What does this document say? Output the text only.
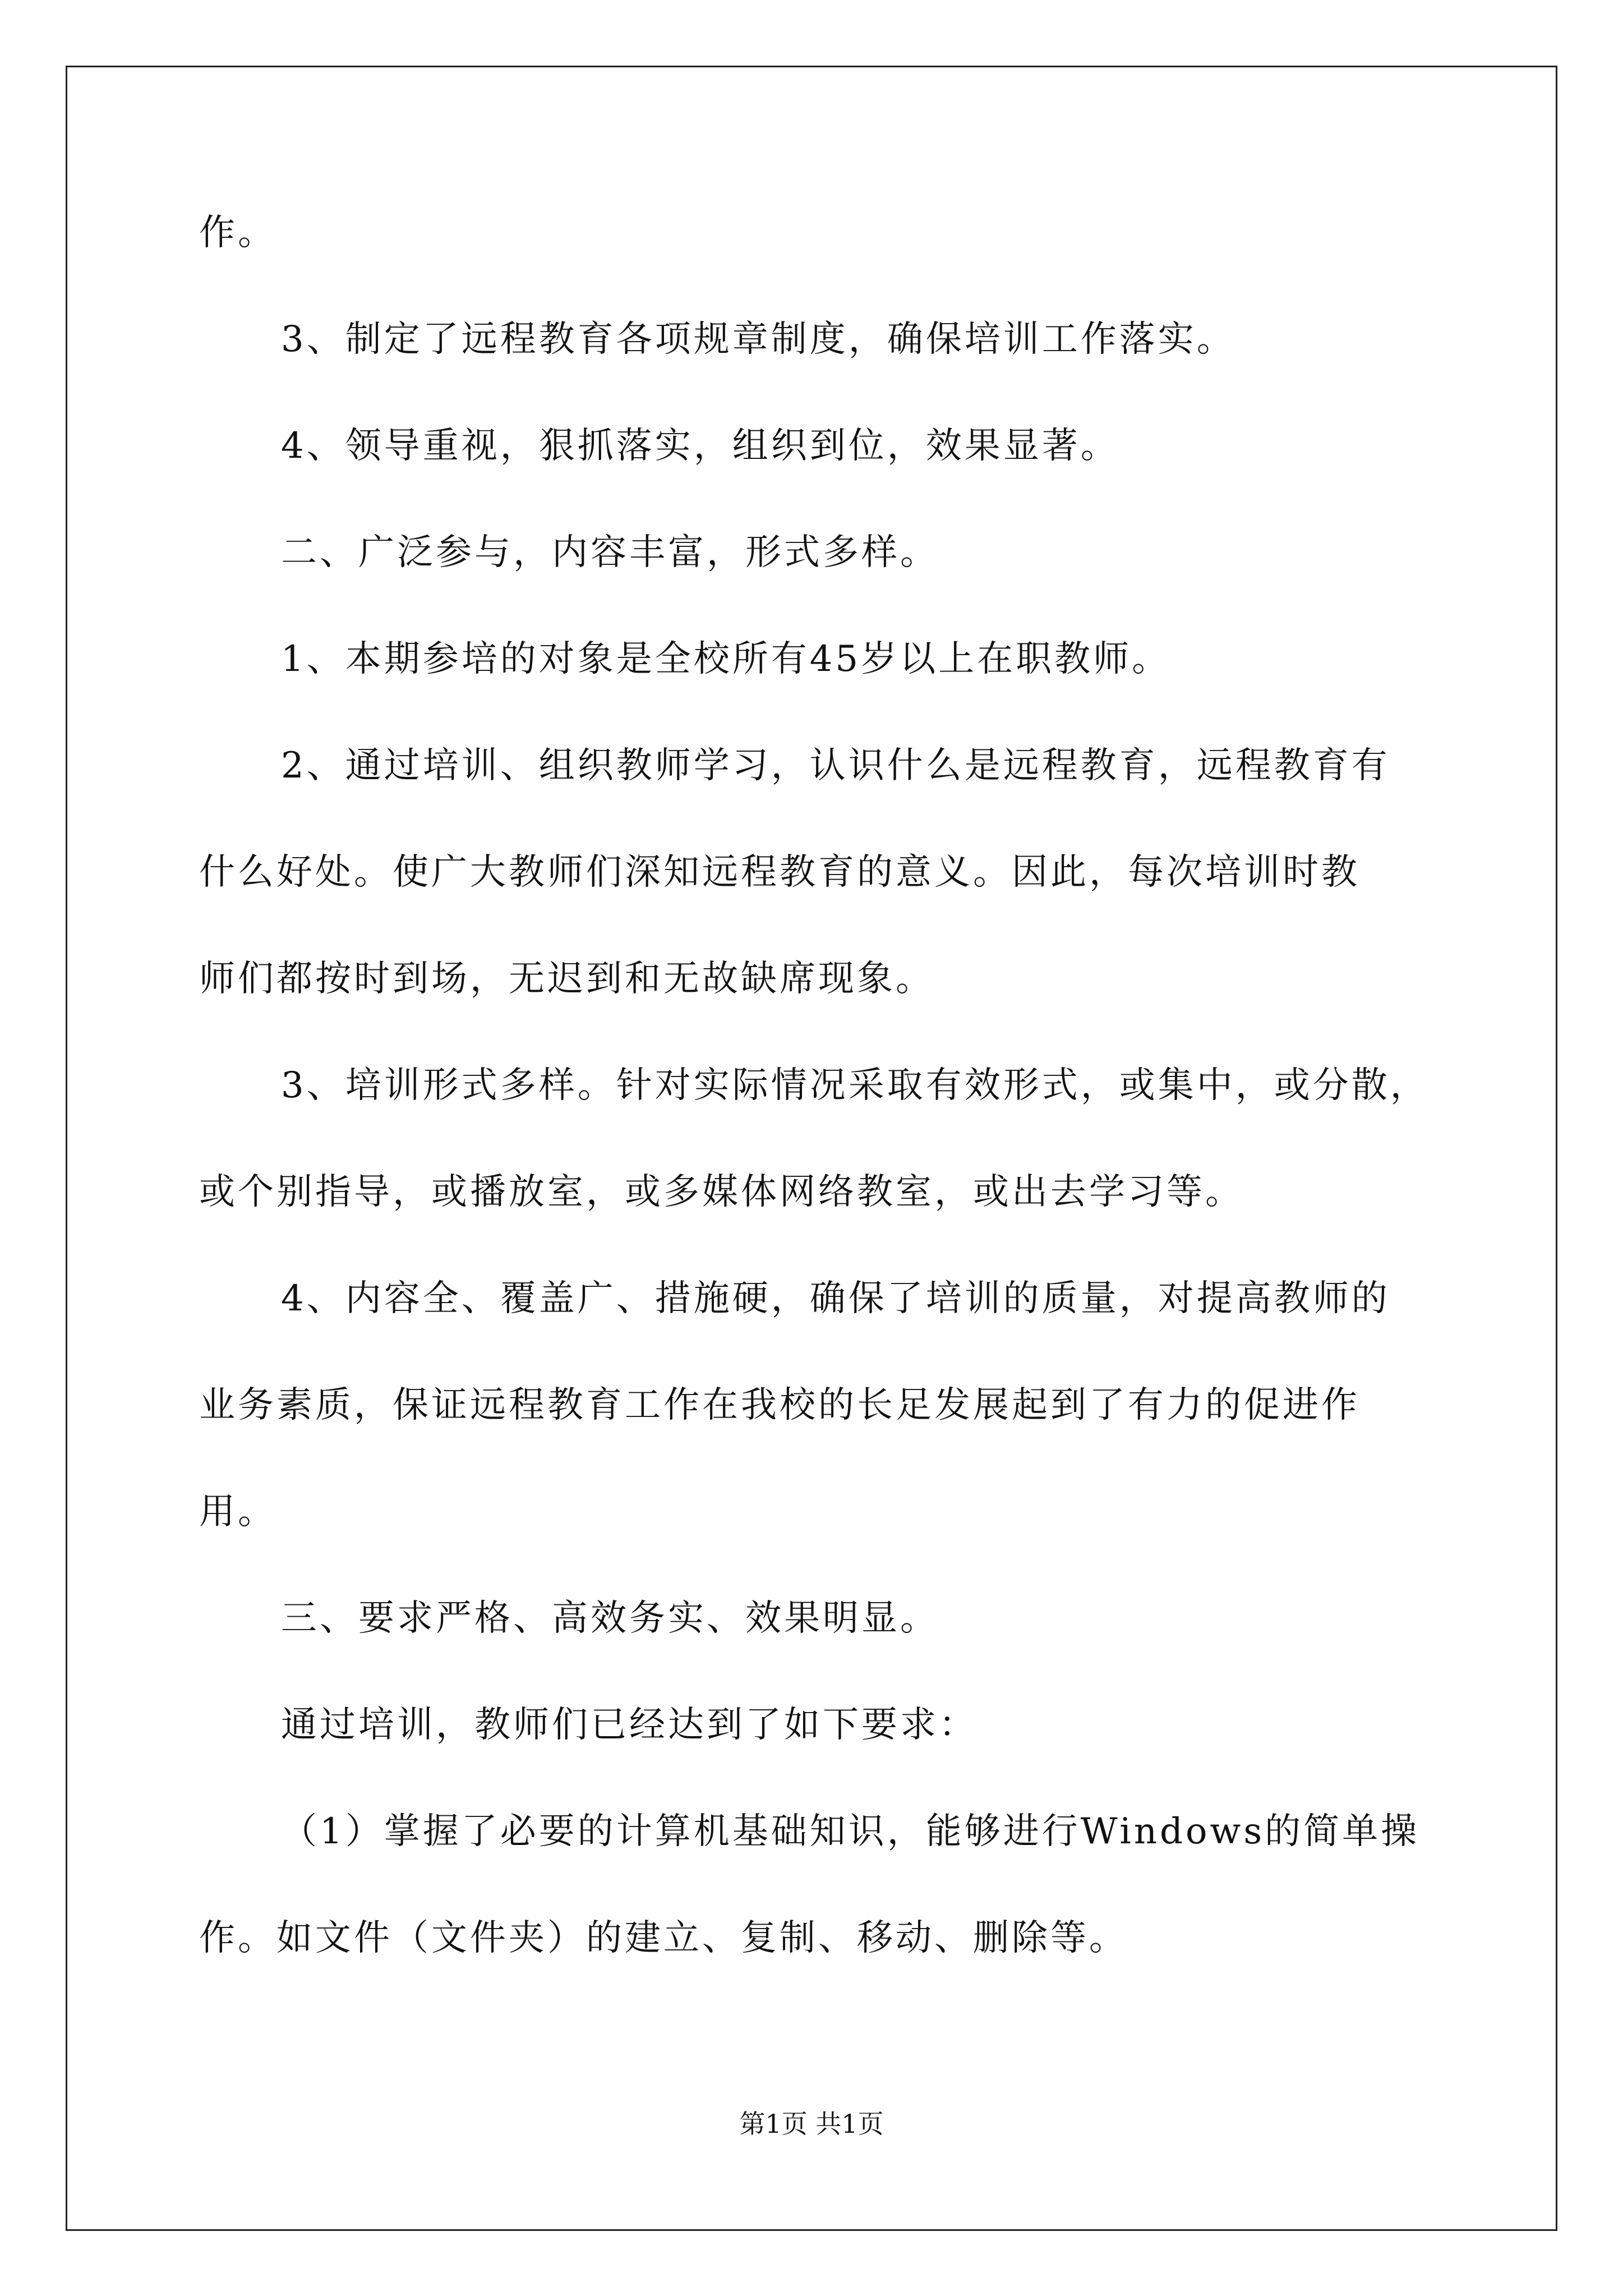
作。
3、制定了远程教育各项规章制度，确保培训工作落实。
4、领导重视，狠抓落实，组织到位，效果显著。
二、广泛参与，内容丰富，形式多样。
1、本期参培的对象是全校所有45岁以上在职教师。
2、通过培训、组织教师学习，认识什么是远程教育，远程教育有
什么好处。使广大教师们深知远程教育的意义。因此，每次培训时教
师们都按时到场，无迟到和无故缺席现象。
3、培训形式多样。针对实际情况采取有效形式，或集中，或分散，
或个别指导，或播放室，或多媒体网络教室，或出去学习等。
4、内容全、覆盖广、措施硬，确保了培训的质量，对提高教师的
业务素质，保证远程教育工作在我校的长足发展起到了有力的促进作
用。
三、要求严格、高效务实、效果明显。
通过培训，教师们已经达到了如下要求：
（1）掌握了必要的计算机基础知识，能够进行Windows的简单操
作。如文件（文件夹）的建立、复制、移动、删除等。
第1页 共1页
